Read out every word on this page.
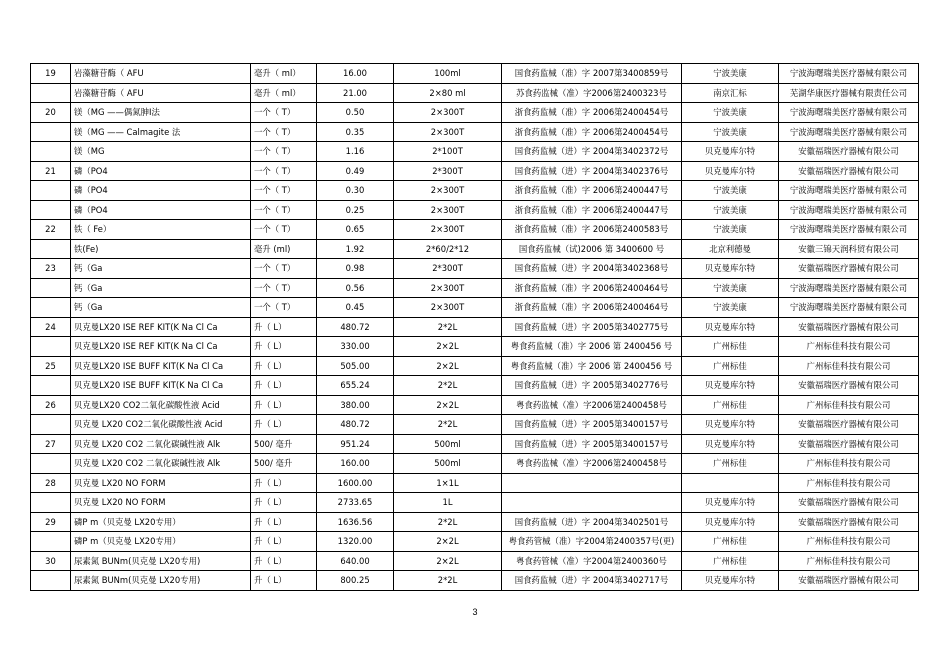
19	岩藻糖苷酶（ AFU	毫升（ ml）	16.00	100ml	国食药监械（准）字 2007第3400859号	宁波美康	宁波海曙瑞美医疗器械有限公司
	岩藻糖苷酶（ AFU	毫升（ ml）	21.00	2×80 ml	苏食药监械（准）字2006第2400323号	南京汇标	芜湖华康医疗器械有限责任公司
20	镁（MG ——偶氮胂Ⅰ法	一个（ T）	0.50	2×300T	浙食药监械（准）字 2006第2400454号	宁波美康	宁波海曙瑞美医疗器械有限公司
	镁（MG —— Calmagite 法	一个（ T）	0.35	2×300T	浙食药监械（准）字 2006第2400454号	宁波美康	宁波海曙瑞美医疗器械有限公司
	镁（MG	一个（ T）	1.16	2*100T	国食药监械（进）字 2004第3402372号	贝克曼库尔特	安徽福瑞医疗器械有限公司
21	磷（PO4	一个（ T）	0.49	2*300T	国食药监械（进）字 2004第3402376号	贝克曼库尔特	安徽福瑞医疗器械有限公司
	磷（PO4	一个（ T）	0.30	2×300T	浙食药监械（准）字 2006第2400447号	宁波美康	宁波海曙瑞美医疗器械有限公司
	磷（PO4	一个（ T）	0.25	2×300T	浙食药监械（准）字 2006第2400447号	宁波美康	宁波海曙瑞美医疗器械有限公司
22	铁（ Fe）	一个（ T）	0.65	2×300T	浙食药监械（准）字 2006第2400583号	宁波美康	宁波海曙瑞美医疗器械有限公司
	铁(Fe)	毫升 (ml)	1.92	2*60/2*12	国食药监械（试)2006 第 3400600 号	北京利德曼	安徽三锦天润科贸有限公司
23	钙（Ga	一个（ T）	0.98	2*300T	国食药监械（进）字 2004第3402368号	贝克曼库尔特	安徽福瑞医疗器械有限公司
	钙（Ga	一个（ T）	0.56	2×300T	浙食药监械（准）字 2006第2400464号	宁波美康	宁波海曙瑞美医疗器械有限公司
	钙（Ga	一个（ T）	0.45	2×300T	浙食药监械（准）字 2006第2400464号	宁波美康	宁波海曙瑞美医疗器械有限公司
24	贝克曼LX20 ISE REF KIT(K Na Cl Ca	升（ L）	480.72	2*2L	国食药监械（进）字 2005第3402775号	贝克曼库尔特	安徽福瑞医疗器械有限公司
	贝克曼LX20 ISE REF KIT(K Na Cl Ca	升（ L）	330.00	2×2L	粤食药监械（准）字 2006 第 2400456 号	广州标佳	广州标佳科技有限公司
25	贝克曼LX20 ISE BUFF KIT(K Na Cl Ca	升（ L）	505.00	2×2L	粤食药监械（准）字 2006 第 2400456 号	广州标佳	广州标佳科技有限公司
	贝克曼LX20 ISE BUFF KIT(K Na Cl Ca	升（ L）	655.24	2*2L	国食药监械（进）字 2005第3402776号	贝克曼库尔特	安徽福瑞医疗器械有限公司
26	贝克曼LX20 CO2二氧化碳酸性液 Acid	升（ L）	380.00	2×2L	粤食药监械（准）字2006第2400458号	广州标佳	广州标佳科技有限公司
	贝克曼 LX20 CO2二氧化碳酸性液 Acid	升（ L）	480.72	2*2L	国食药监械（进）字 2005第3400157号	贝克曼库尔特	安徽福瑞医疗器械有限公司
27	贝克曼 LX20 CO2 二氧化碳碱性液 Alk	500/ 毫升	951.24	500ml	国食药监械（进）字 2005第3400157号	贝克曼库尔特	安徽福瑞医疗器械有限公司
	贝克曼 LX20 CO2 二氧化碳碱性液 Alk	500/ 毫升	160.00	500ml	粤食药监械（准）字2006第2400458号	广州标佳	广州标佳科技有限公司
28	贝克曼 LX20 NO FORM	升（ L）	1600.00	1×1L			广州标佳科技有限公司
	贝克曼 LX20 NO FORM	升（ L）	2733.65	1L		贝克曼库尔特	安徽福瑞医疗器械有限公司
29	磷P m（贝克曼 LX20专用）	升（ L）	1636.56	2*2L	国食药监械（进）字 2004第3402501号	贝克曼库尔特	安徽福瑞医疗器械有限公司
	磷P m（贝克曼 LX20专用）	升（ L）	1320.00	2×2L	粤食药管械（准）字2004第2400357号(更)	广州标佳	广州标佳科技有限公司
30	尿素氮 BUNm(贝克曼 LX20专用)	升（ L）	640.00	2×2L	粤食药管械（准）字2004第2400360号	广州标佳	广州标佳科技有限公司
	尿素氮 BUNm(贝克曼 LX20专用)	升（ L）	800.25	2*2L	国食药监械（进）字 2004第3402717号	贝克曼库尔特	安徽福瑞医疗器械有限公司
3
